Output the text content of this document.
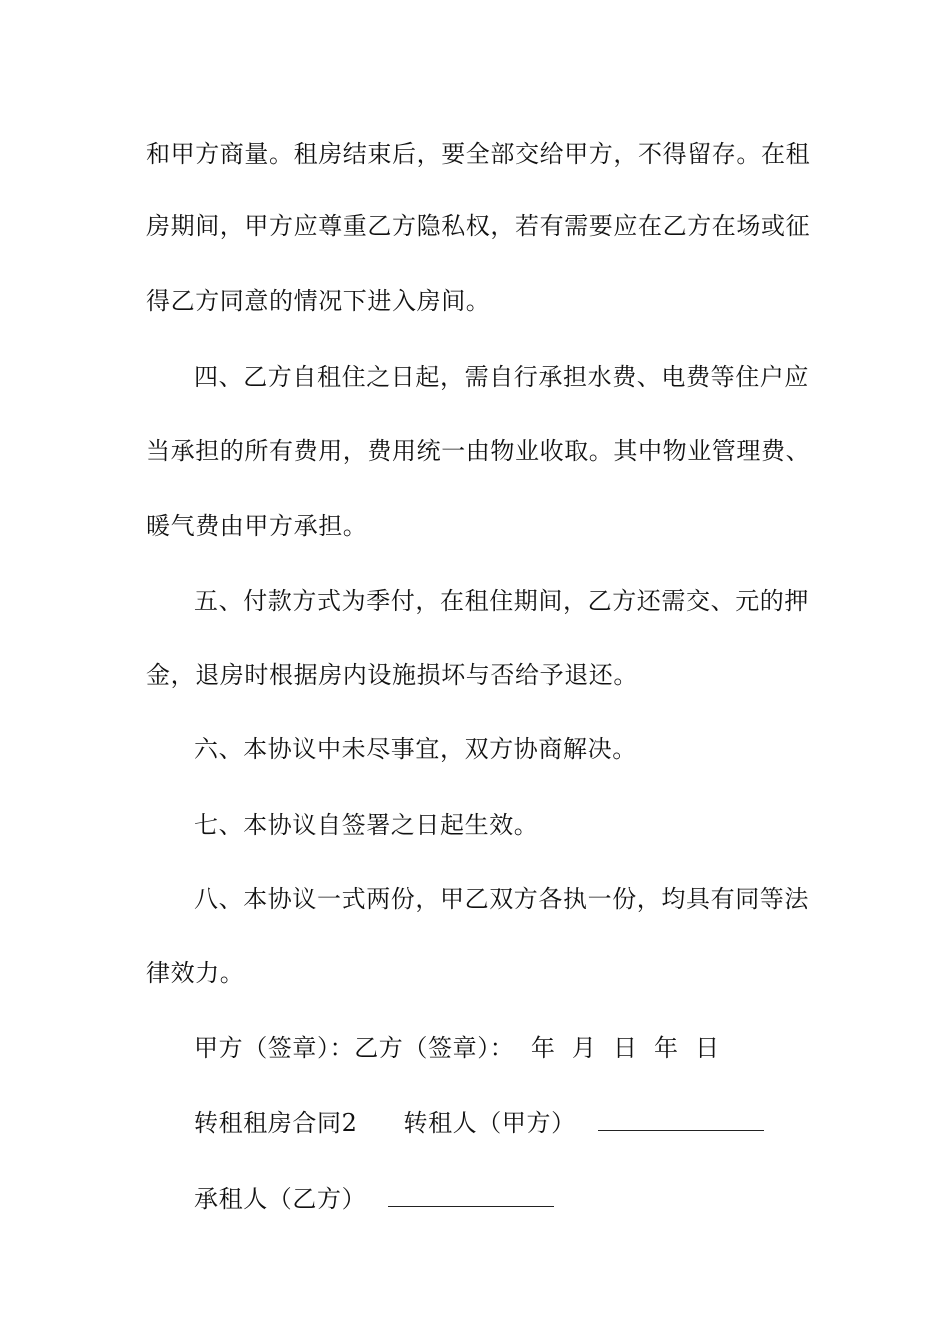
和甲方商量。租房结束后，要全部交给甲方，不得留存。在租
房期间，甲方应尊重乙方隐私权，若有需要应在乙方在场或征
得乙方同意的情况下进入房间。
四、乙方自租住之日起，需自行承担水费、电费等住户应
当承担的所有费用，费用统一由物业收取。其中物业管理费、
暖气费由甲方承担。
五、付款方式为季付，在租住期间，乙方还需交、元的押
金，退房时根据房内设施损坏与否给予退还。
六、本协议中未尽事宜，双方协商解决。
七、本协议自签署之日起生效。
八、本协议一式两份，甲乙双方各执一份，均具有同等法
律效力。
甲方（签章）：乙方（签章）：  年  月  日  年  日
转租租房合同2 转租人（甲方）
承租人（乙方）
